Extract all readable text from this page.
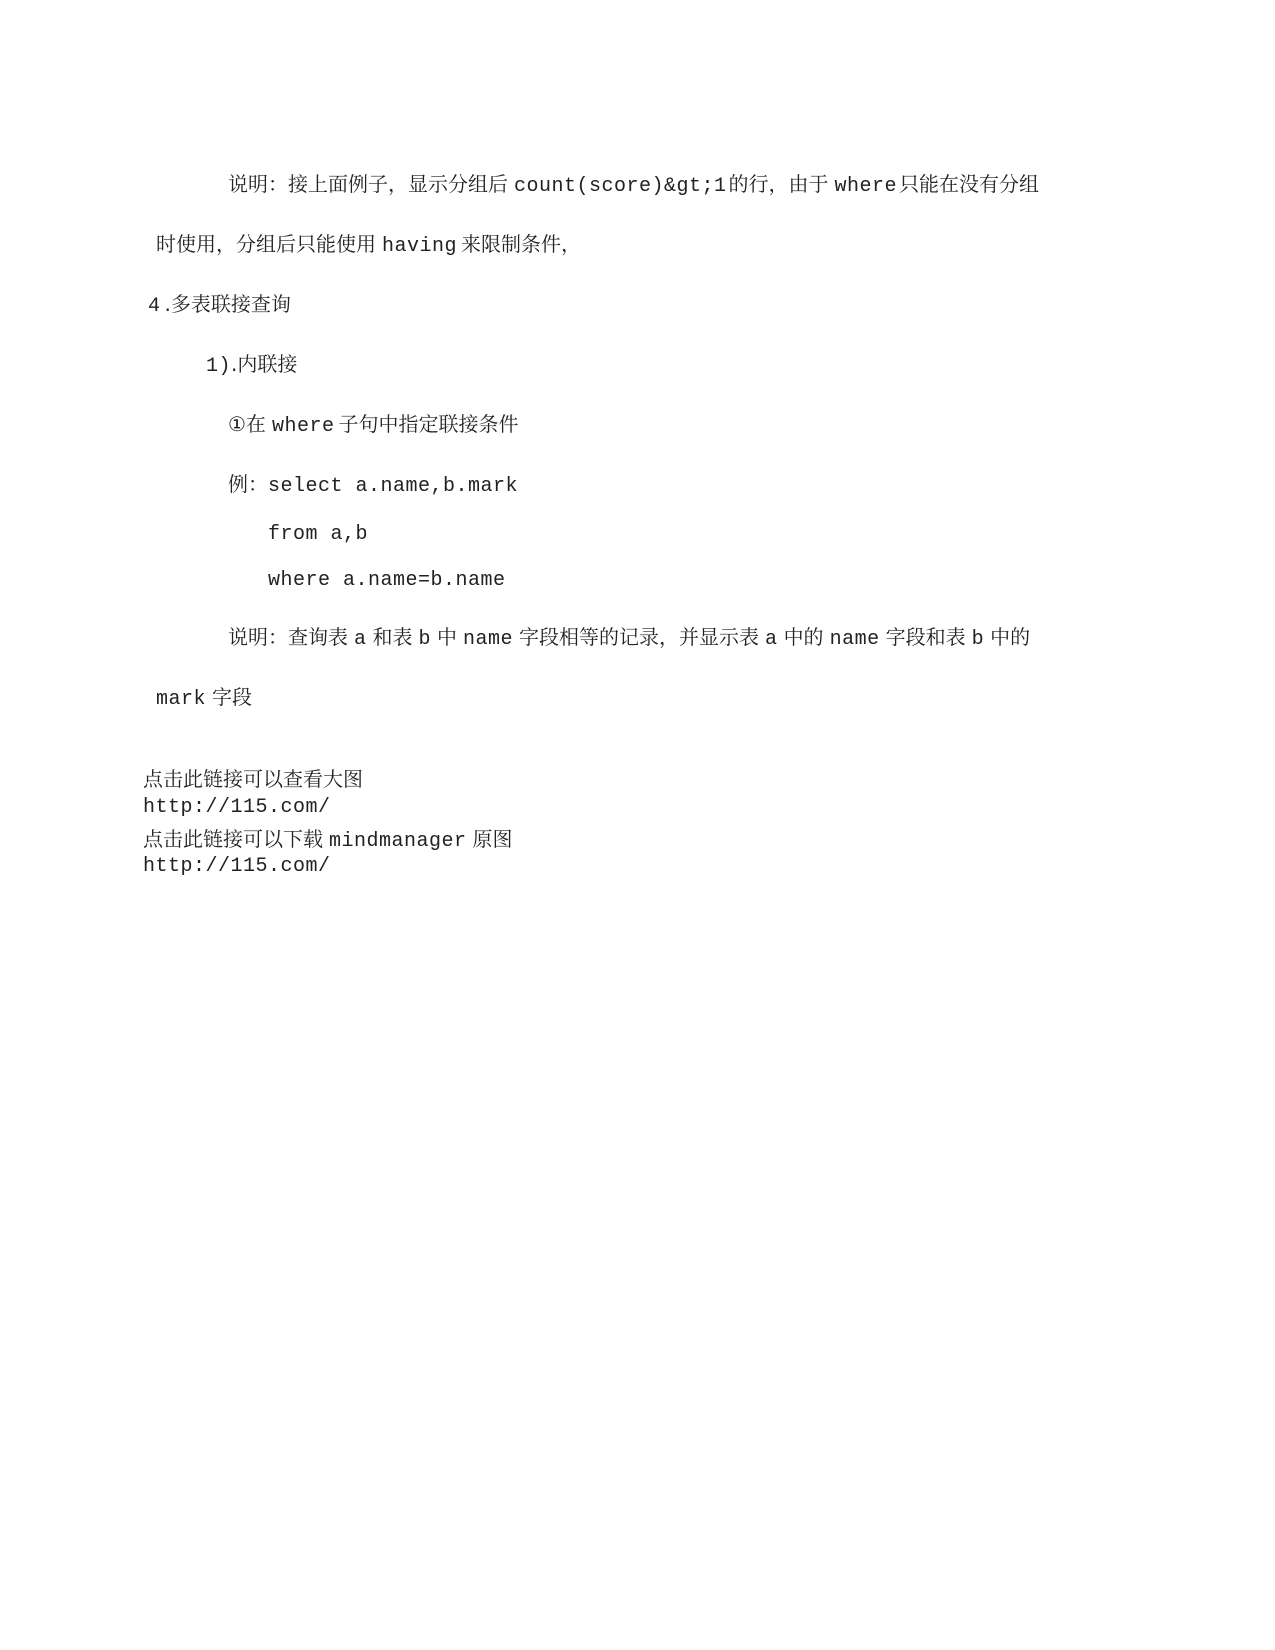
说明：接上面例子，显示分组后 count(score)&gt;1 的行，由于 where 只能在没有分组
时使用，分组后只能使用 having 来限制条件，
4 .多表联接查询
1).内联接
①在 where 子句中指定联接条件
例：select a.name,b.mark
from a,b
where a.name=b.name
说明：查询表 a 和表 b 中 name 字段相等的记录，并显示表 a 中的 name 字段和表 b 中的
mark 字段
点击此链接可以查看大图
http://115.com/
点击此链接可以下载 mindmanager 原图
http://115.com/
